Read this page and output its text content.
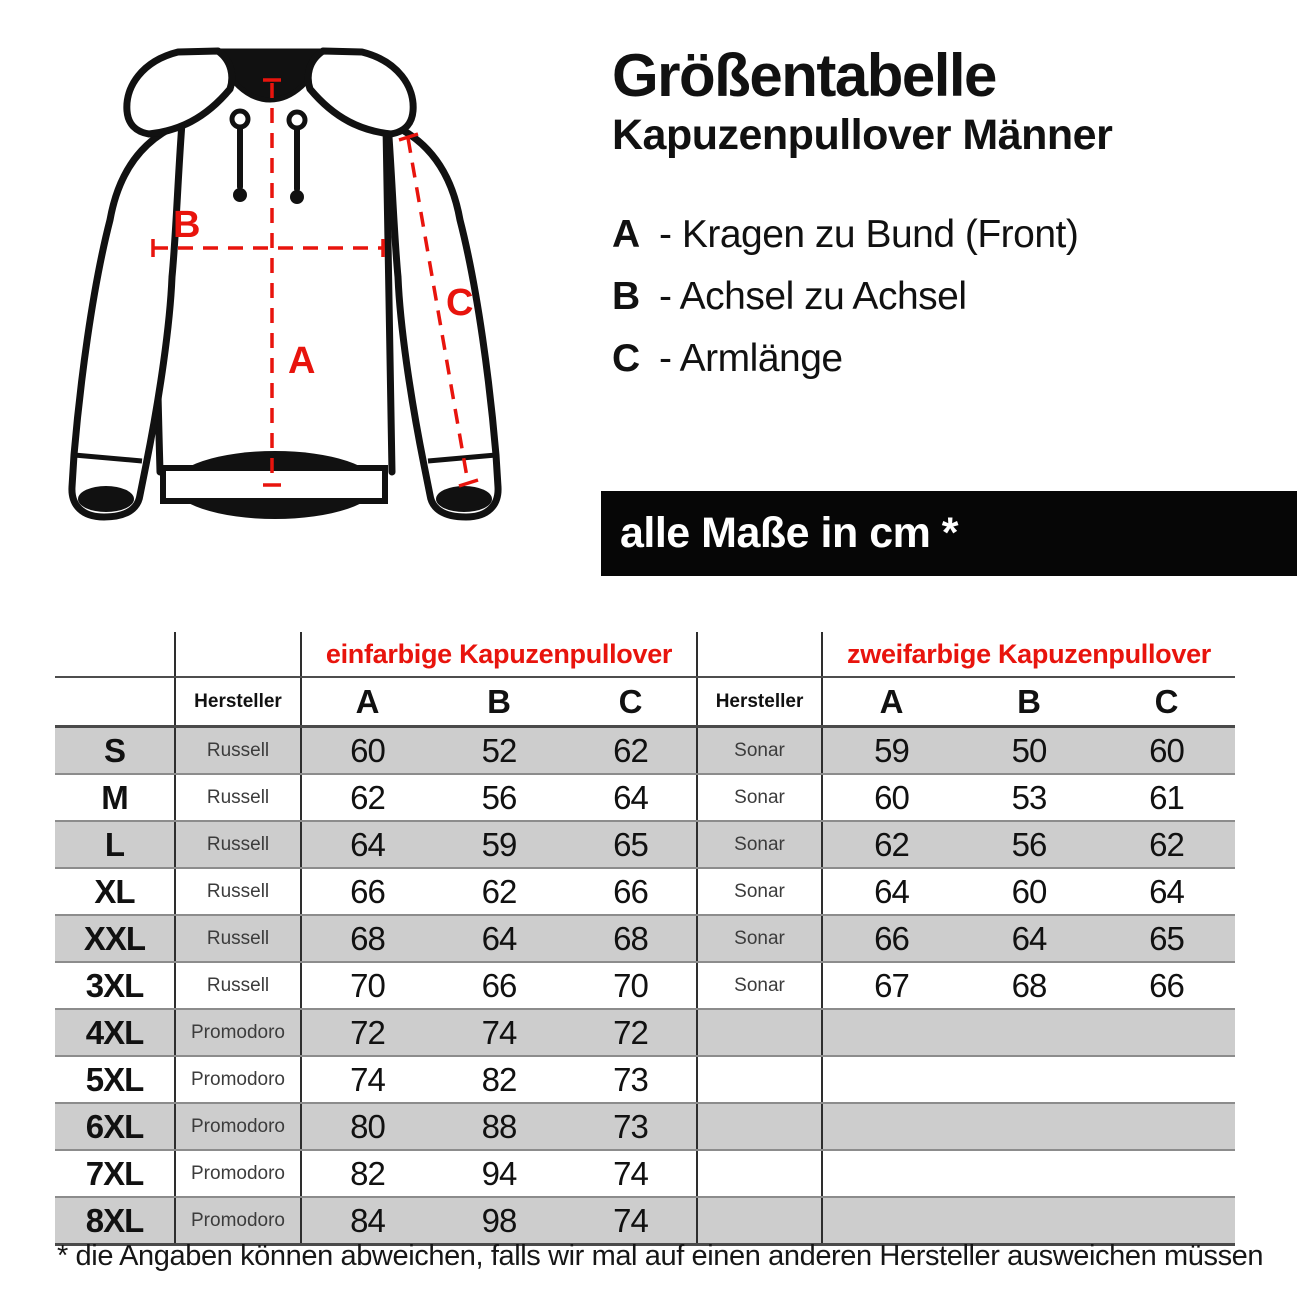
B
A
C
Größentabelle
Kapuzenpullover Männer
A - Kragen zu Bund (Front)
B - Achsel zu Achsel
C - Armlänge
alle Maße in cm *
		einfarbige Kapuzenpullover				zweifarbige Kapuzenpullover		
	Hersteller	A	B	C	Hersteller	A	B	C
S	Russell	60	52	62	Sonar	59	50	60
M	Russell	62	56	64	Sonar	60	53	61
L	Russell	64	59	65	Sonar	62	56	62
XL	Russell	66	62	66	Sonar	64	60	64
XXL	Russell	68	64	68	Sonar	66	64	65
3XL	Russell	70	66	70	Sonar	67	68	66
4XL	Promodoro	72	74	72				
5XL	Promodoro	74	82	73				
6XL	Promodoro	80	88	73				
7XL	Promodoro	82	94	74				
8XL	Promodoro	84	98	74				
* die Angaben können abweichen, falls wir mal auf einen anderen Hersteller ausweichen müssen
